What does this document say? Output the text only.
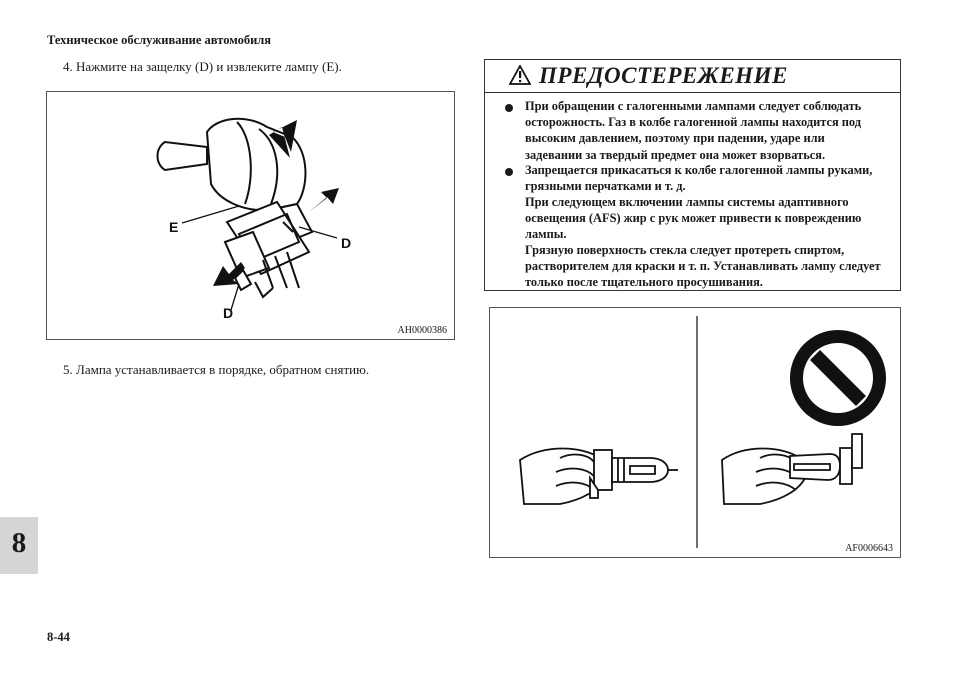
Техническое обслуживание автомобиля
4. Нажмите на защелку (D) и извлеките лампу (E).
E
D
D
AH0000386
5. Лампа устанавливается в порядке, обратном снятию.
ПРЕДОСТЕРЕЖЕНИЕ
При обращении с галогенными лампами следует соблюдать осторожность. Газ в колбе галогенной лампы находится под высоким давлением, поэтому при падении, ударе или задевании за твердый предмет она может взорваться.
Запрещается прикасаться к колбе галогенной лампы руками, грязными перчатками и т. д.
При следующем включении лампы системы адаптивного освещения (AFS) жир с рук может привести к повреждению лампы.
Грязную поверхность стекла следует протереть спиртом, растворителем для краски и т. п. Устанавливать лампу следует только после тщательного просушивания.
AF0006643
8
8-44
